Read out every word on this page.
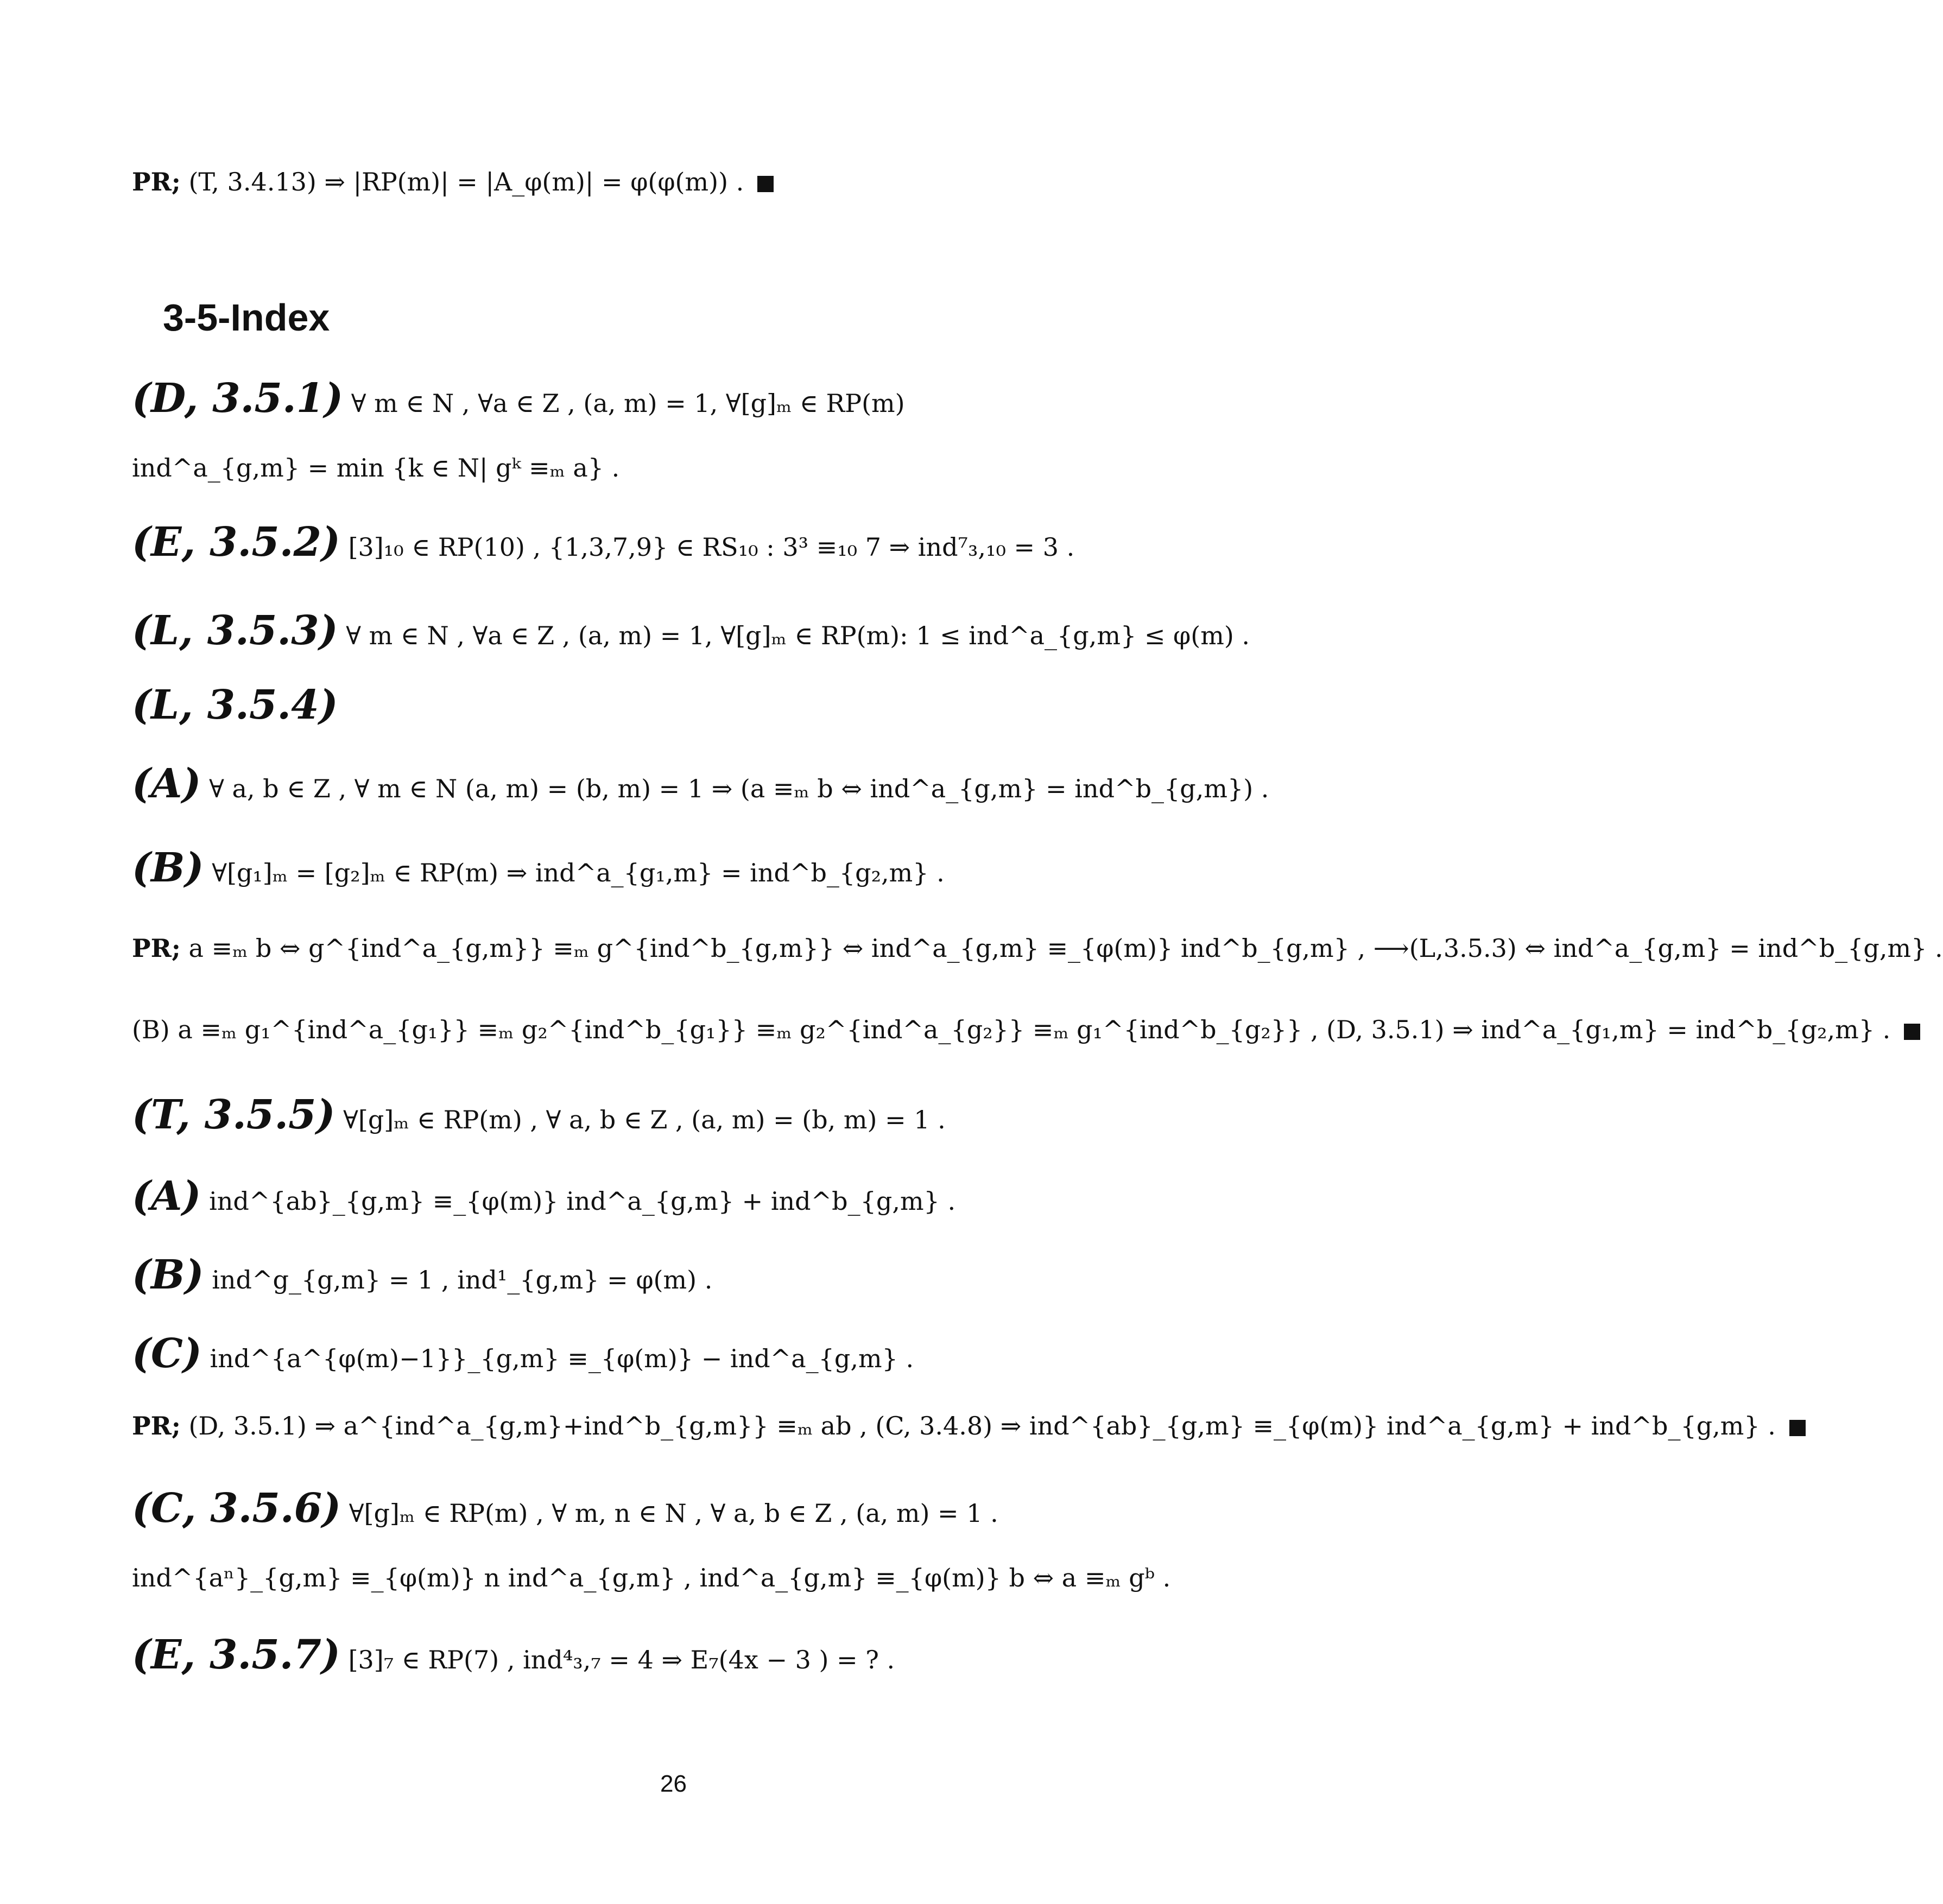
PR; (T, 3.4.13) ⇒ |RP(m)| = |A_φ(m)| = φ(φ(m)) .
3-5-Index
(D, 3.5.1) ∀ m ∈ N , ∀a ∈ Z , (a, m) = 1, ∀[g]ₘ ∈ RP(m)
ind^a_{g,m} = min {k ∈ N| gᵏ ≡ₘ a} .
(E, 3.5.2) [3]₁₀ ∈ RP(10) , {1,3,7,9} ∈ RS₁₀ : 3³ ≡₁₀ 7 ⇒ ind⁷₃,₁₀ = 3 .
(L, 3.5.3) ∀ m ∈ N , ∀a ∈ Z , (a, m) = 1, ∀[g]ₘ ∈ RP(m): 1 ≤ ind^a_{g,m} ≤ φ(m) .
(L, 3.5.4)
(A) ∀ a, b ∈ Z , ∀ m ∈ N (a, m) = (b, m) = 1 ⇒ (a ≡ₘ b ⇔ ind^a_{g,m} = ind^b_{g,m}) .
(B) ∀[g₁]ₘ = [g₂]ₘ ∈ RP(m) ⇒ ind^a_{g₁,m} = ind^b_{g₂,m} .
PR; a ≡ₘ b ⇔ g^{ind^a_{g,m}} ≡ₘ g^{ind^b_{g,m}} ⇔ ind^a_{g,m} ≡_{φ(m)} ind^b_{g,m} , ⟶(L,3.5.3) ⇔ ind^a_{g,m} = ind^b_{g,m} .
(B) a ≡ₘ g₁^{ind^a_{g₁}} ≡ₘ g₂^{ind^b_{g₁}} ≡ₘ g₂^{ind^a_{g₂}} ≡ₘ g₁^{ind^b_{g₂}} , (D, 3.5.1) ⇒ ind^a_{g₁,m} = ind^b_{g₂,m} .
(T, 3.5.5) ∀[g]ₘ ∈ RP(m) , ∀ a, b ∈ Z , (a, m) = (b, m) = 1 .
(A) ind^{ab}_{g,m} ≡_{φ(m)} ind^a_{g,m} + ind^b_{g,m} .
(B) ind^g_{g,m} = 1 , ind¹_{g,m} = φ(m) .
(C) ind^{a^{φ(m)−1}}_{g,m} ≡_{φ(m)} − ind^a_{g,m} .
PR; (D, 3.5.1) ⇒ a^{ind^a_{g,m}+ind^b_{g,m}} ≡ₘ ab , (C, 3.4.8) ⇒ ind^{ab}_{g,m} ≡_{φ(m)} ind^a_{g,m} + ind^b_{g,m} .
(C, 3.5.6) ∀[g]ₘ ∈ RP(m) , ∀ m, n ∈ N , ∀ a, b ∈ Z , (a, m) = 1 .
ind^{aⁿ}_{g,m} ≡_{φ(m)} n ind^a_{g,m} , ind^a_{g,m} ≡_{φ(m)} b ⇔ a ≡ₘ gᵇ .
(E, 3.5.7) [3]₇ ∈ RP(7) , ind⁴₃,₇ = 4 ⇒ E₇(4x − 3 ) = ? .
26
